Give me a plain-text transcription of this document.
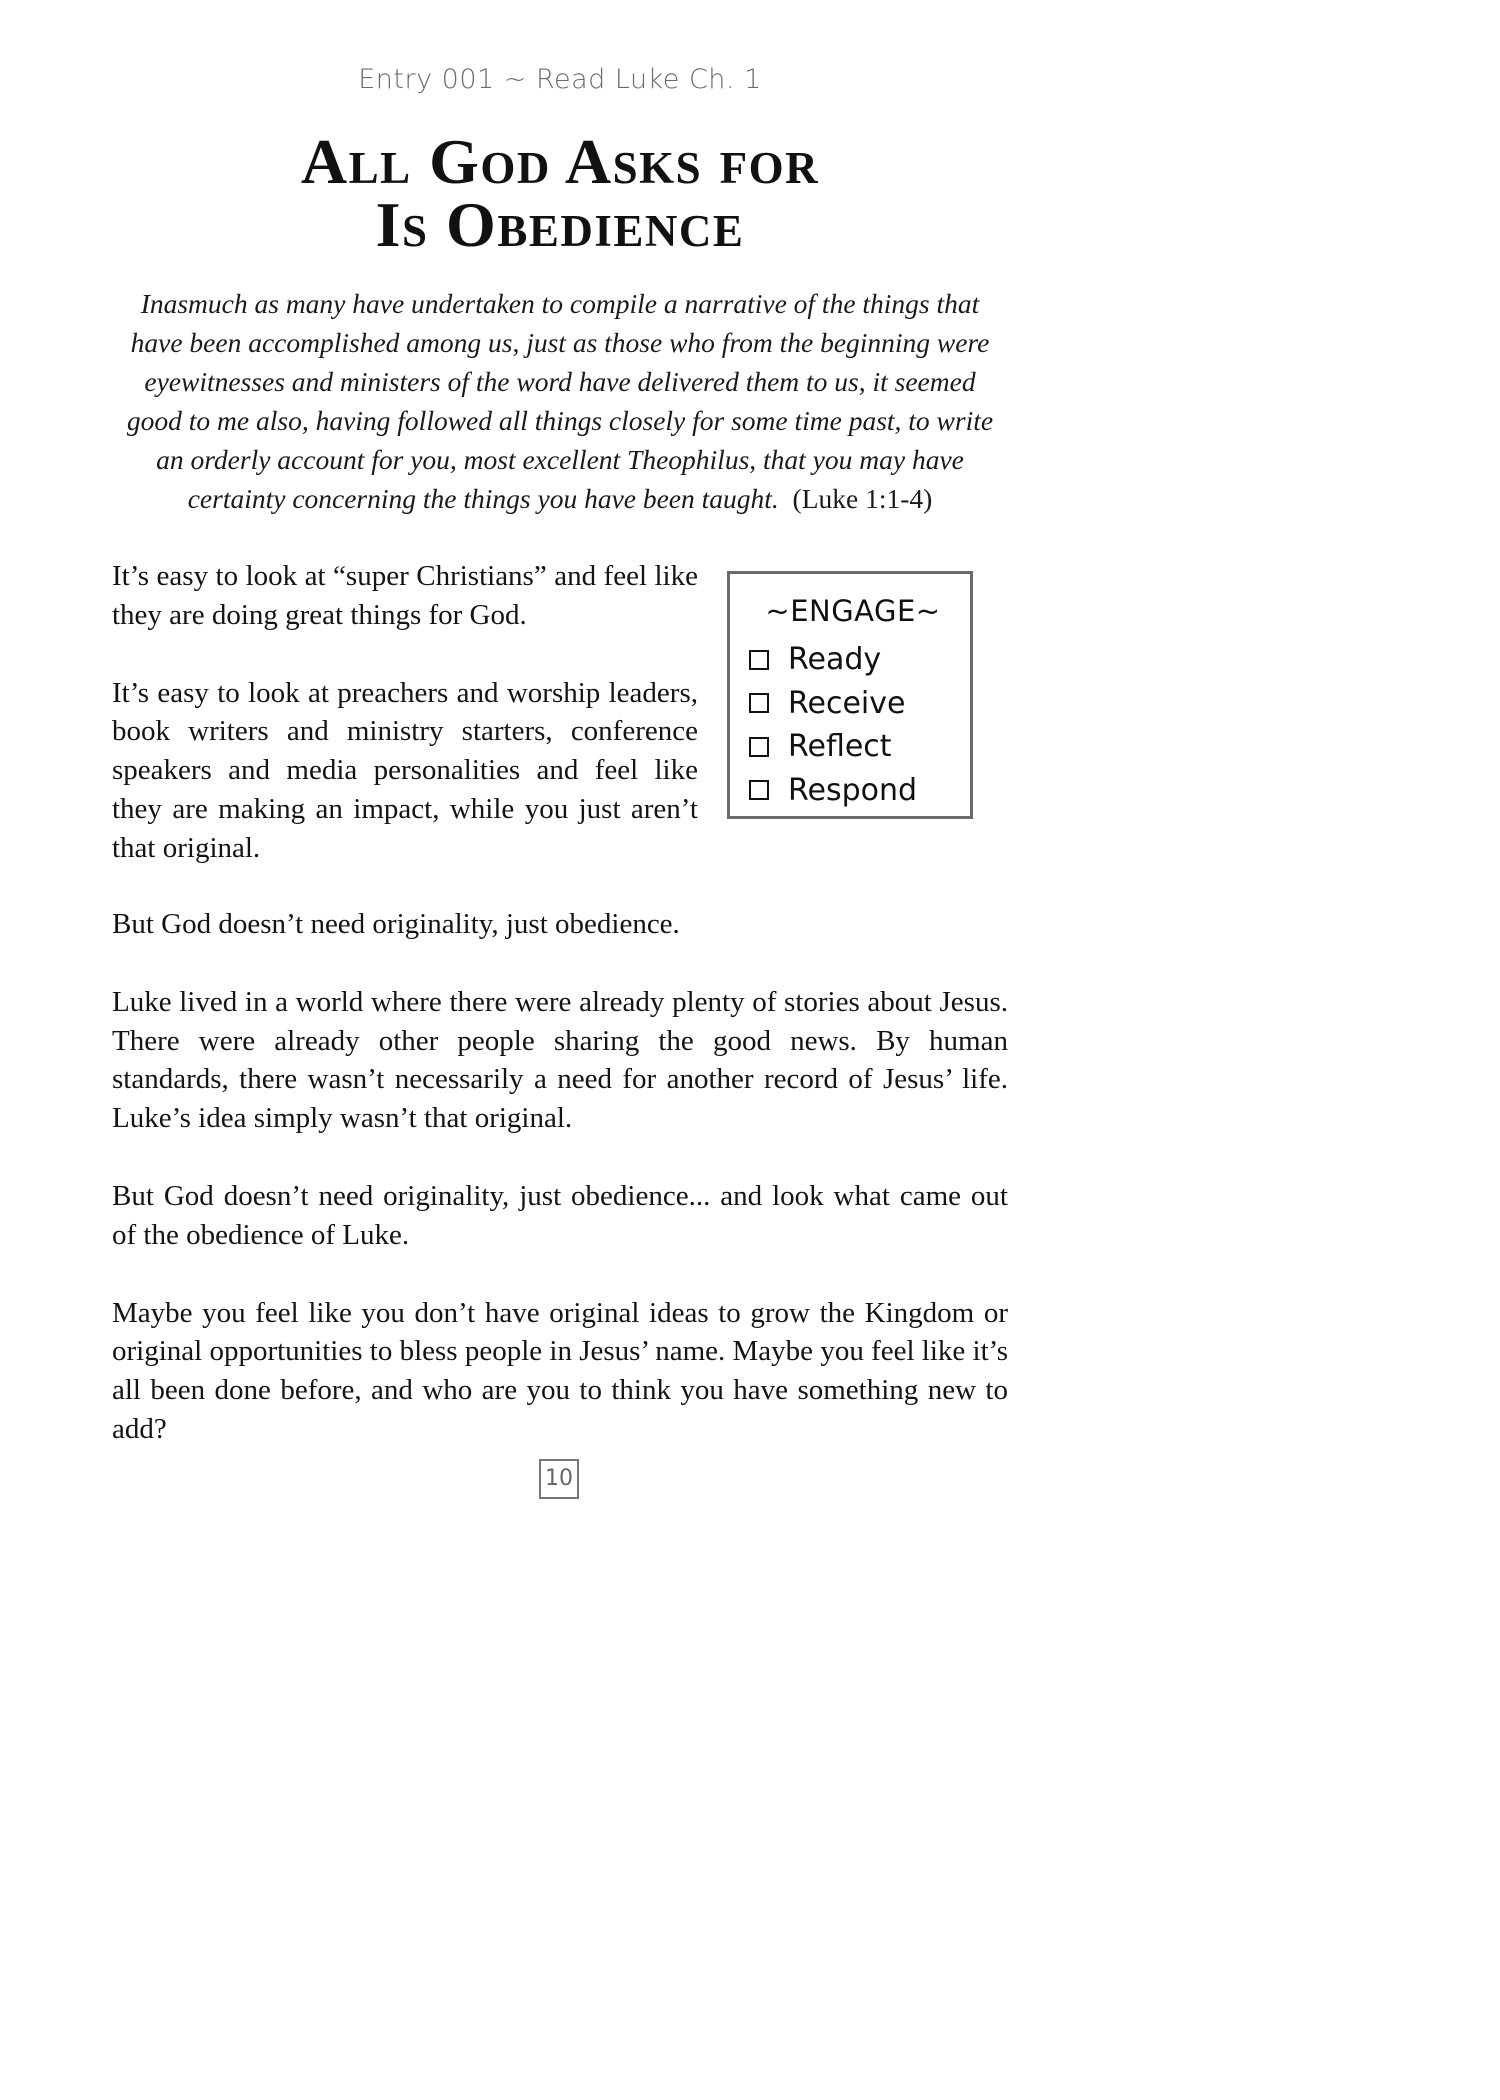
Entry 001 ~ Read Luke Ch. 1
All God Asks for
Is Obedience
Inasmuch as many have undertaken to compile a narrative of the things that have been accomplished among us, just as those who from the beginning were eyewitnesses and ministers of the word have delivered them to us, it seemed good to me also, having followed all things closely for some time past, to write an orderly account for you, most excellent Theophilus, that you may have certainty concerning the things you have been taught. (Luke 1:1-4)

It’s easy to look at “super Christians” and feel like they are doing great things for God.

It’s easy to look at preachers and worship leaders, book writers and ministry starters, conference speakers and media personalities and feel like they are making an impact, while you just aren’t that original.

~ENGAGE~
Ready
Receive
Reflect
Respond

But God doesn’t need originality, just obedience.

Luke lived in a world where there were already plenty of stories about Jesus. There were already other people sharing the good news. By human standards, there wasn’t necessarily a need for another record of Jesus’ life. Luke’s idea simply wasn’t that original.

But God doesn’t need originality, just obedience... and look what came out of the obedience of Luke.

Maybe you feel like you don’t have original ideas to grow the Kingdom or original opportunities to bless people in Jesus’ name. Maybe you feel like it’s all been done before, and who are you to think you have something new to add?

10
